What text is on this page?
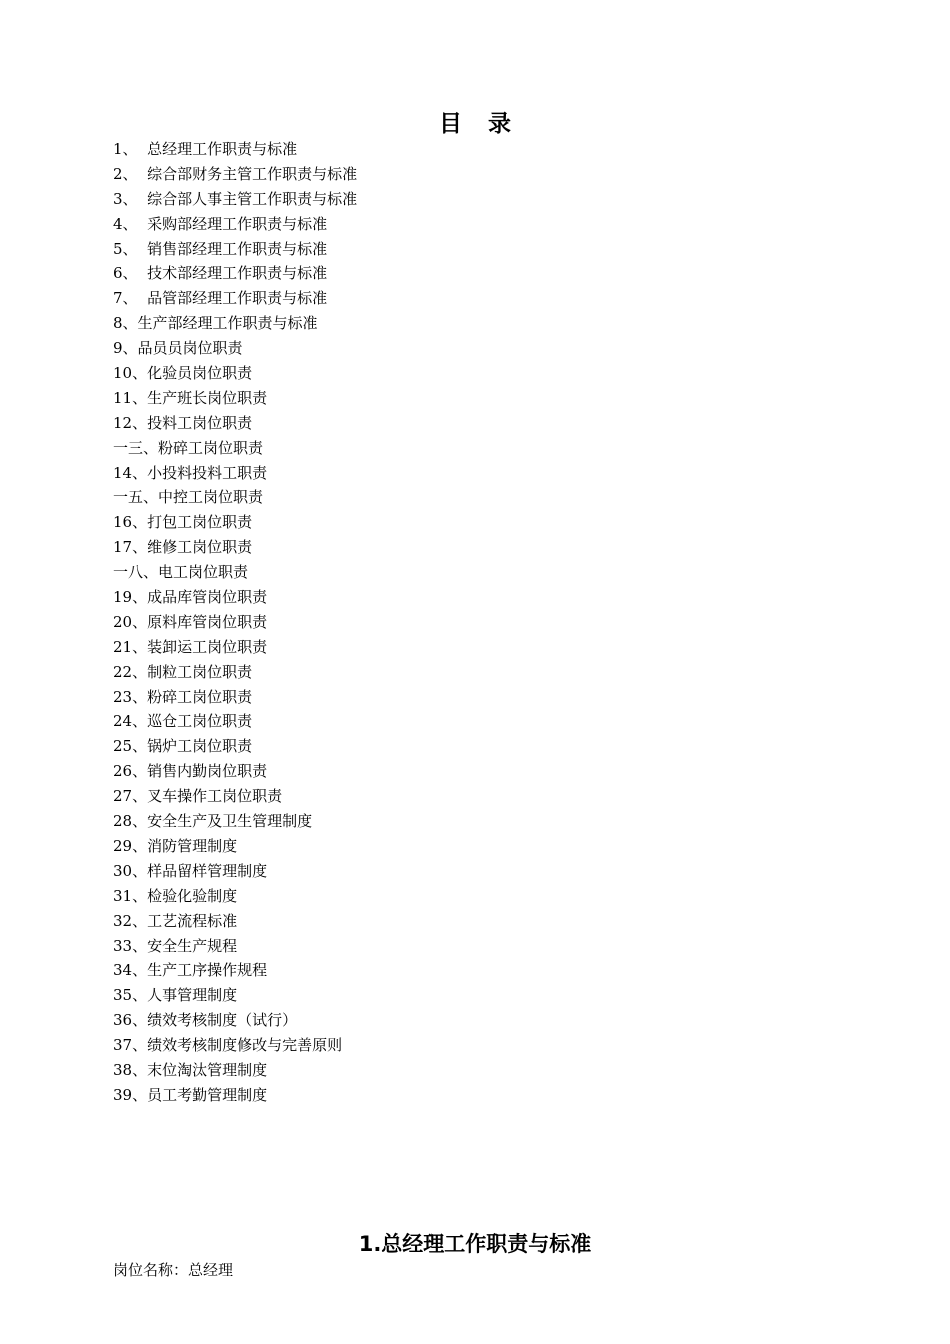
目录
1、  总经理工作职责与标准
2、  综合部财务主管工作职责与标准
3、  综合部人事主管工作职责与标准
4、  采购部经理工作职责与标准
5、  销售部经理工作职责与标准
6、  技术部经理工作职责与标准
7、  品管部经理工作职责与标准
8、生产部经理工作职责与标准
9、品员员岗位职责
10、化验员岗位职责
11、生产班长岗位职责
12、投料工岗位职责
一三、粉碎工岗位职责
14、小投料投料工职责
一五、中控工岗位职责
16、打包工岗位职责
17、维修工岗位职责
一八、电工岗位职责
19、成品库管岗位职责
20、原料库管岗位职责
21、装卸运工岗位职责
22、制粒工岗位职责
23、粉碎工岗位职责
24、巡仓工岗位职责
25、锅炉工岗位职责
26、销售内勤岗位职责
27、叉车操作工岗位职责
28、安全生产及卫生管理制度
29、消防管理制度
30、样品留样管理制度
31、检验化验制度
32、工艺流程标准
33、安全生产规程
34、生产工序操作规程
35、人事管理制度
36、绩效考核制度（试行）
37、绩效考核制度修改与完善原则
38、末位淘汰管理制度
39、员工考勤管理制度
1.总经理工作职责与标准
岗位名称：总经理
